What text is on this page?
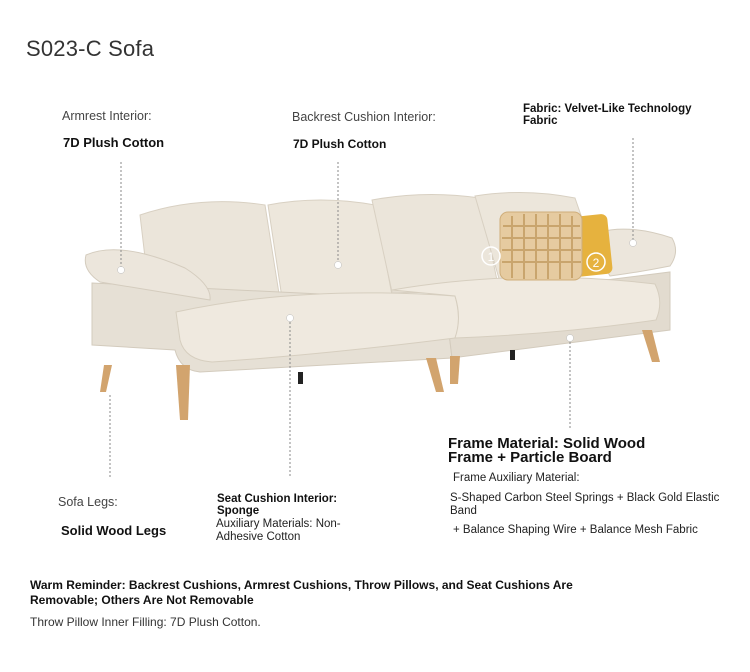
S023-C Sofa
1	2
Armrest Interior:
7D Plush Cotton
Backrest Cushion Interior:
7D Plush Cotton
Fabric: Velvet-Like Technology Fabric
Frame Material: Solid Wood Frame + Particle Board
Frame Auxiliary Material:
S-Shaped Carbon Steel Springs + Black Gold Elastic Band
+ Balance Shaping Wire + Balance Mesh Fabric
Sofa Legs:
Solid Wood Legs
Seat Cushion Interior: Sponge
Auxiliary Materials: Non-Adhesive Cotton
Warm Reminder: Backrest Cushions, Armrest Cushions, Throw Pillows, and Seat Cushions Are Removable; Others Are Not Removable
Throw Pillow Inner Filling: 7D Plush Cotton.
